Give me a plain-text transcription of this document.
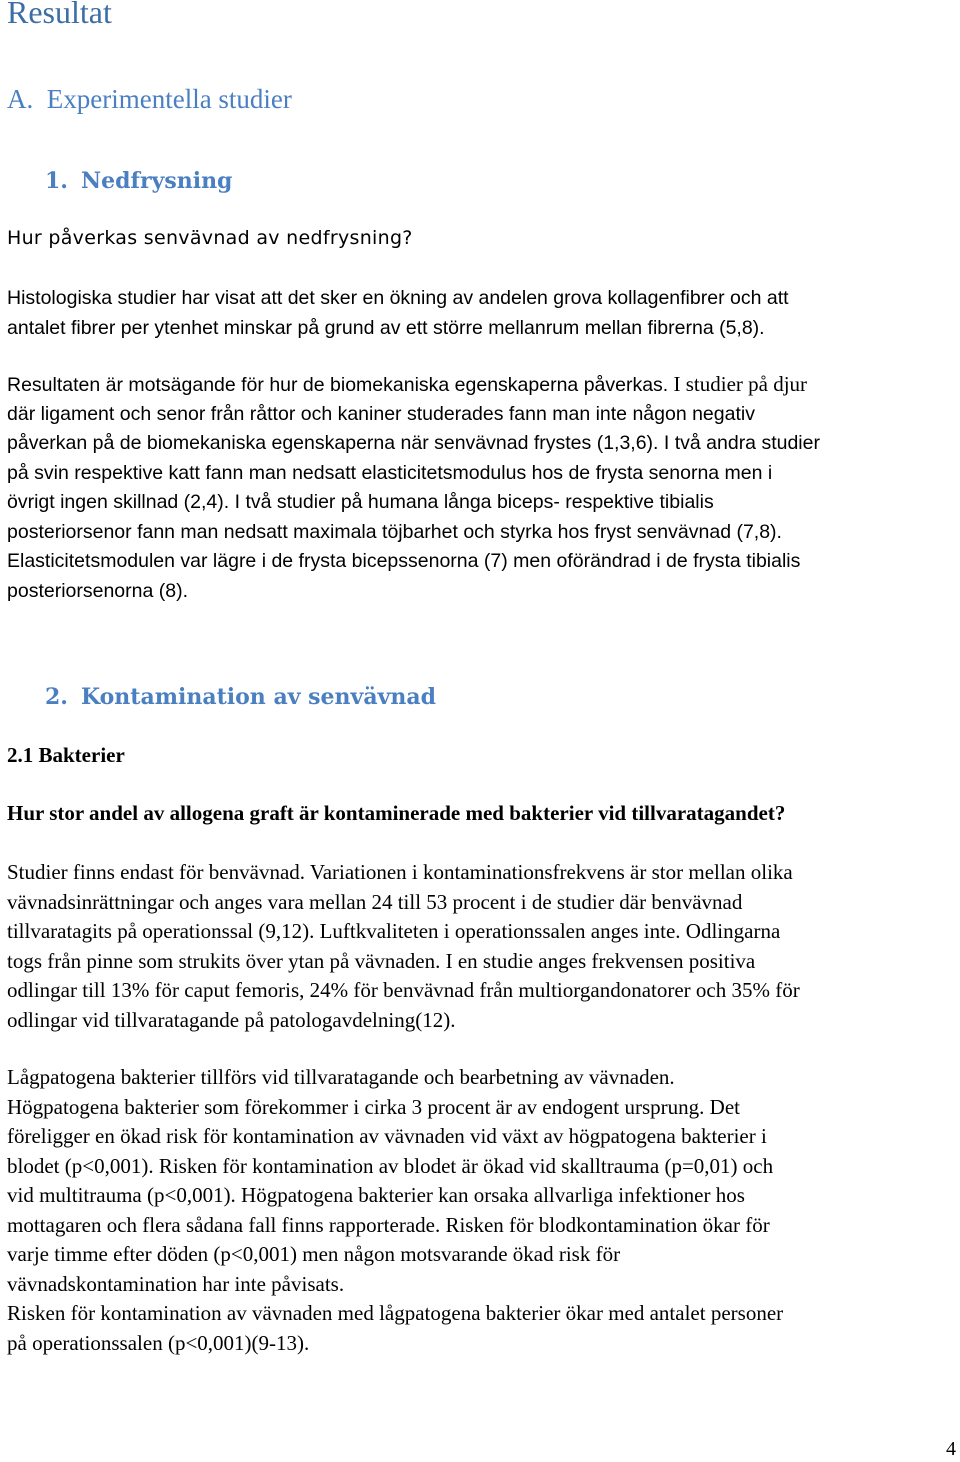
Resultat
A. Experimentella studier
1. Nedfrysning

Hur påverkas senvävnad av nedfrysning?

Histologiska studier har visat att det sker en ökning av andelen grova kollagenfibrer och att
antalet fibrer per ytenhet minskar på grund av ett större mellanrum mellan fibrerna (5,8).
Resultaten är motsägande för hur de biomekaniska egenskaperna påverkas. I studier på djur
där ligament och senor från råttor och kaniner studerades fann man inte någon negativ
påverkan på de biomekaniska egenskaperna när senvävnad frystes (1,3,6). I två andra studier
på svin respektive katt fann man nedsatt elasticitetsmodulus hos de frysta senorna men i
övrigt ingen skillnad (2,4). I två studier på humana långa biceps- respektive tibialis
posteriorsenor fann man nedsatt maximala töjbarhet och styrka hos fryst senvävnad (7,8).
Elasticitetsmodulen var lägre i de frysta bicepssenorna (7) men oförändrad i de frysta tibialis
posteriorsenorna (8).
2. Kontamination av senvävnad
2.1 Bakterier
Hur stor andel av allogena graft är kontaminerade med bakterier vid tillvaratagandet?
Studier finns endast för benvävnad. Variationen i kontaminationsfrekvens är stor mellan olika
vävnadsinrättningar och anges vara mellan 24 till 53 procent i de studier där benvävnad
tillvaratagits på operationssal (9,12). Luftkvaliteten i operationssalen anges inte. Odlingarna
togs från pinne som strukits över ytan på vävnaden. I en studie anges frekvensen positiva
odlingar till 13% för caput femoris, 24% för benvävnad från multiorgandonatorer och 35% för
odlingar vid tillvaratagande på patologavdelning(12).
Lågpatogena bakterier tillförs vid tillvaratagande och bearbetning av vävnaden.
Högpatogena bakterier som förekommer i cirka 3 procent är av endogent ursprung. Det
föreligger en ökad risk för kontamination av vävnaden vid växt av högpatogena bakterier i
blodet (p<0,001). Risken för kontamination av blodet är ökad vid skalltrauma (p=0,01) och
vid multitrauma (p<0,001). Högpatogena bakterier kan orsaka allvarliga infektioner hos
mottagaren och flera sådana fall finns rapporterade. Risken för blodkontamination ökar för
varje timme efter döden (p<0,001) men någon motsvarande ökad risk för
vävnadskontamination har inte påvisats.
Risken för kontamination av vävnaden med lågpatogena bakterier ökar med antalet personer
på operationssalen (p<0,001)(9-13).
4
